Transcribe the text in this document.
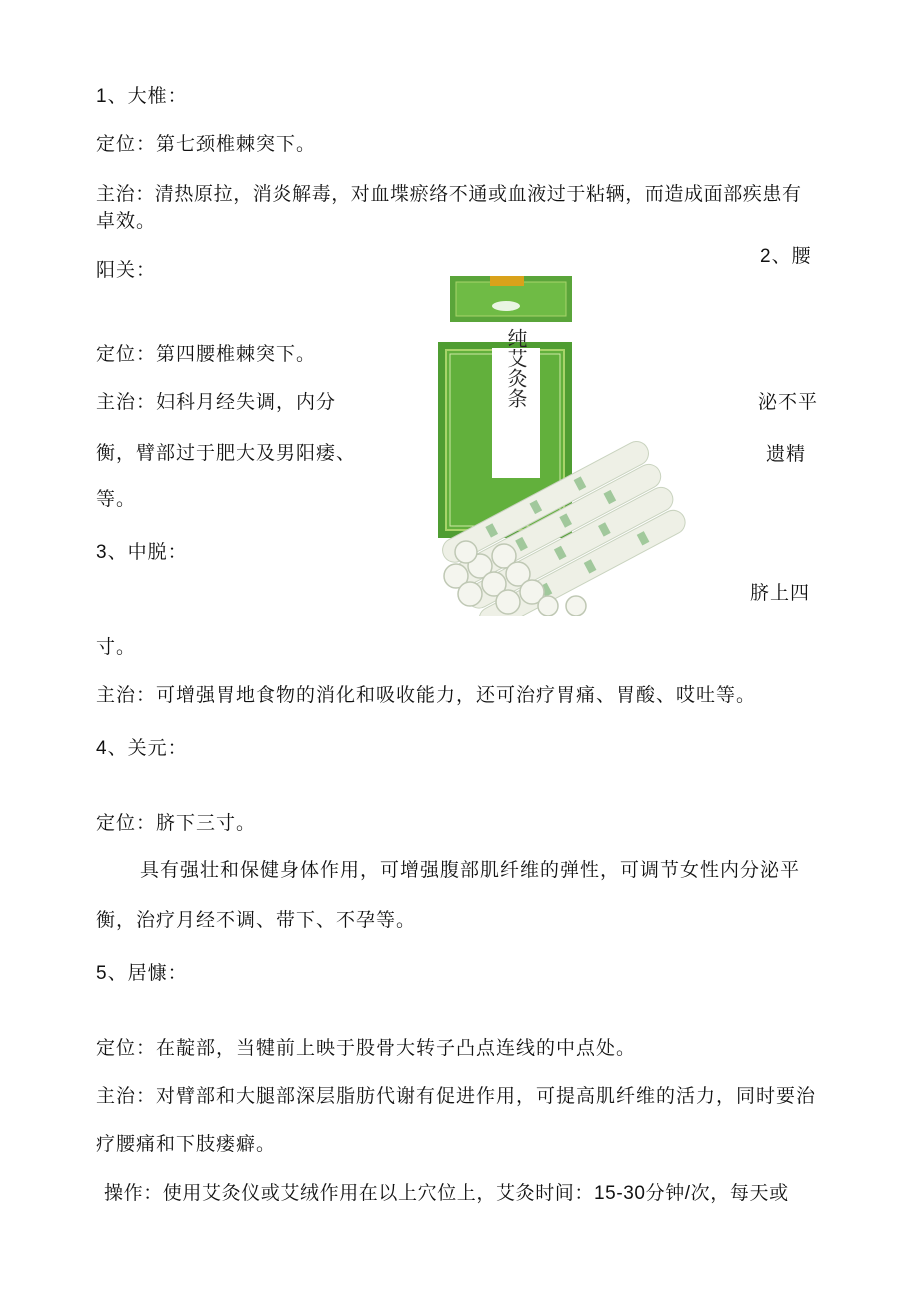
1、大椎：
定位：第七颈椎棘突下。
主治：清热原拉，消炎解毒，对血堞瘀络不通或血液过于粘辆，而造成面部疾患有
卓效。
2、腰
阳关：
定位：第四腰椎棘突下。
主治：妇科月经失调，内分	泌不平
衡，臂部过于肥大及男阳痿、	遗精
等。
3、中脱：
脐上四
寸。
主治：可增强胃地食物的消化和吸收能力，还可治疗胃痛、胃酸、哎吐等。
4、关元：
定位：脐下三寸。
具有强壮和保健身体作用，可增强腹部肌纤维的弹性，可调节女性内分泌平
衡，治疗月经不调、带下、不孕等。
5、居慷：
定位：在靛部，当犍前上映于股骨大转子凸点连线的中点处。
主治：对臂部和大腿部深层脂肪代谢有促进作用，可提高肌纤维的活力，同时要治
疗腰痛和下肢瘘癖。
操作：使用艾灸仪或艾绒作用在以上穴位上，艾灸时间：15-30分钟/次，每天或
纯艾灸条
